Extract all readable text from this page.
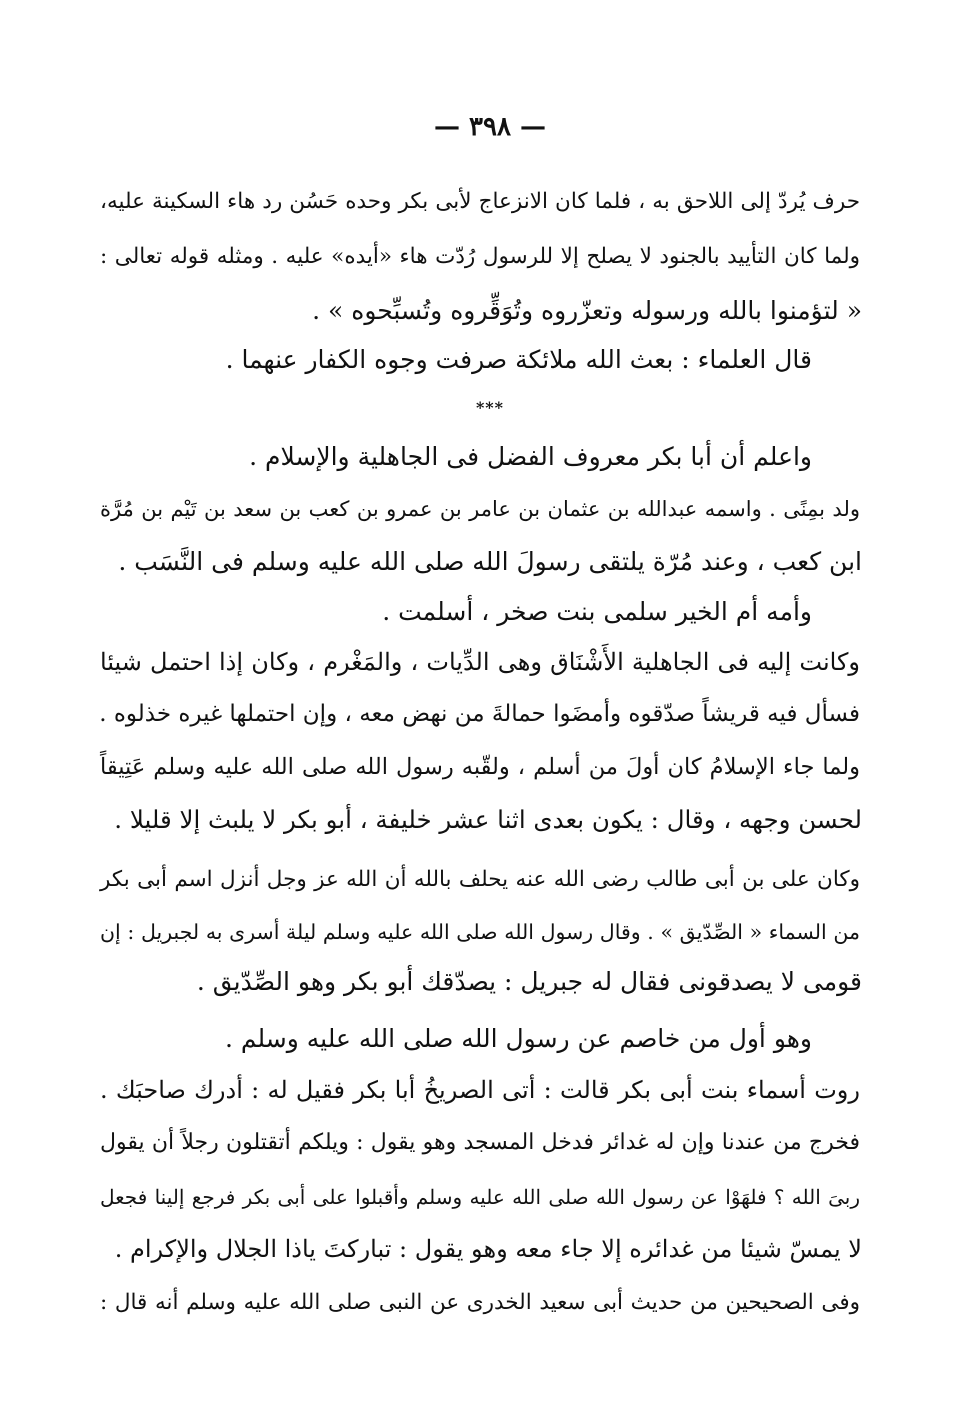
— ٣٩٨ —
حرف يُردّ إلى اللاحق به ، فلما كان الانزعاج لأبى بكر وحده حَسُن رد هاء السكينة عليه،
ولما كان التأييد بالجنود لا يصلح إلا للرسول رُدّت هاء «أيده» عليه . ومثله قوله تعالى :
« لتؤمنوا بالله ورسوله وتعزّروه وتُوَقِّروه وتُسبِّحوه » .
قال العلماء : بعث الله ملائكة صرفت وجوه الكفار عنهما .
***
واعلم أن أبا بكر معروف الفضل فى الجاهلية والإسلام .
ولد بمِنًى . واسمه عبدالله بن عثمان بن عامر بن عمرو بن كعب بن سعد بن تَيْم بن مُرَّة
ابن كعب ، وعند مُرّة يلتقى رسولَ الله صلى الله عليه وسلم فى النَّسَب .
وأمه أم الخير سلمى بنت صخر ، أسلمت .
وكانت إليه فى الجاهلية الأَشْنَاق وهى الدِّيات ، والمَغْرم ، وكان إذا احتمل شيئا
فسأل فيه قريشاً صدّقوه وأمضَوا حمالةَ من نهض معه ، وإن احتملها غيره خذلوه .
ولما جاء الإسلامُ كان أولَ من أسلم ، ولقّبه رسول الله صلى الله عليه وسلم عَتِيقاً
لحسن وجهه ، وقال : يكون بعدى اثنا عشر خليفة ، أبو بكر لا يلبث إلا قليلا .
وكان على بن أبى طالب رضى الله عنه يحلف بالله أن الله عز وجل أنزل اسم أبى بكر
من السماء « الصِّدّيق » . وقال رسول الله صلى الله عليه وسلم ليلة أسرى به لجبريل : إن
قومى لا يصدقونى فقال له جبريل : يصدّقك أبو بكر وهو الصِّدّيق .
وهو أول من خاصم عن رسول الله صلى الله عليه وسلم .
روت أسماء بنت أبى بكر قالت : أتى الصريخُ أبا بكر فقيل له : أدرك صاحبَك .
فخرج من عندنا وإن له غدائر فدخل المسجد وهو يقول : ويلكم أتقتلون رجلاً أن يقول
ربىَ الله ؟ فلهَوْا عن رسول الله صلى الله عليه وسلم وأقبلوا على أبى بكر فرجع إلينا فجعل
لا يمسّ شيئا من غدائره إلا جاء معه وهو يقول : تباركتَ ياذا الجلال والإكرام .
وفى الصحيحين من حديث أبى سعيد الخدرى عن النبى صلى الله عليه وسلم أنه قال :
